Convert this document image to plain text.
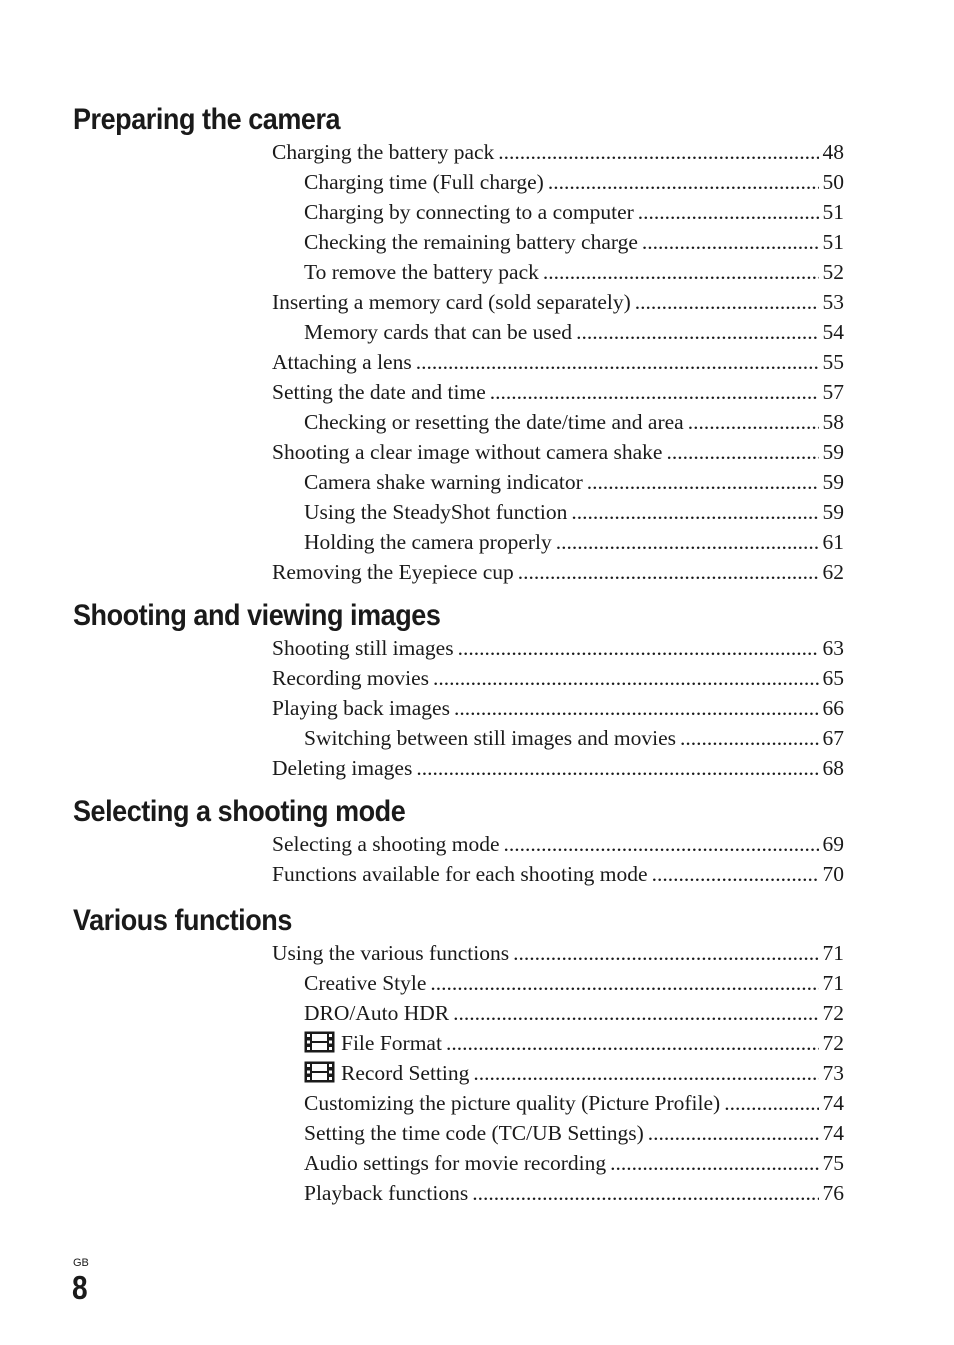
Preparing the camera
Charging the battery pack .....	48
Charging time (Full charge) .....	50
Charging by connecting to a computer .....	51
Checking the remaining battery charge .....	51
To remove the battery pack .....	52
Inserting a memory card (sold separately) .....	53
Memory cards that can be used .....	54
Attaching a lens .....	55
Setting the date and time .....	57
Checking or resetting the date/time and area .....	58
Shooting a clear image without camera shake .....	59
Camera shake warning indicator .....	59
Using the SteadyShot function .....	59
Holding the camera properly .....	61
Removing the Eyepiece cup .....	62
Shooting and viewing images
Shooting still images .....	63
Recording movies .....	65
Playing back images .....	66
Switching between still images and movies .....	67
Deleting images .....	68
Selecting a shooting mode
Selecting a shooting mode .....	69
Functions available for each shooting mode .....	70
Various functions
Using the various functions .....	71
Creative Style .....	71
DRO/Auto HDR .....	72
File Format .....	72
Record Setting .....	73
Customizing the picture quality (Picture Profile) .....	74
Setting the time code (TC/UB Settings) .....	74
Audio settings for movie recording .....	75
Playback functions .....	76
GB
8
